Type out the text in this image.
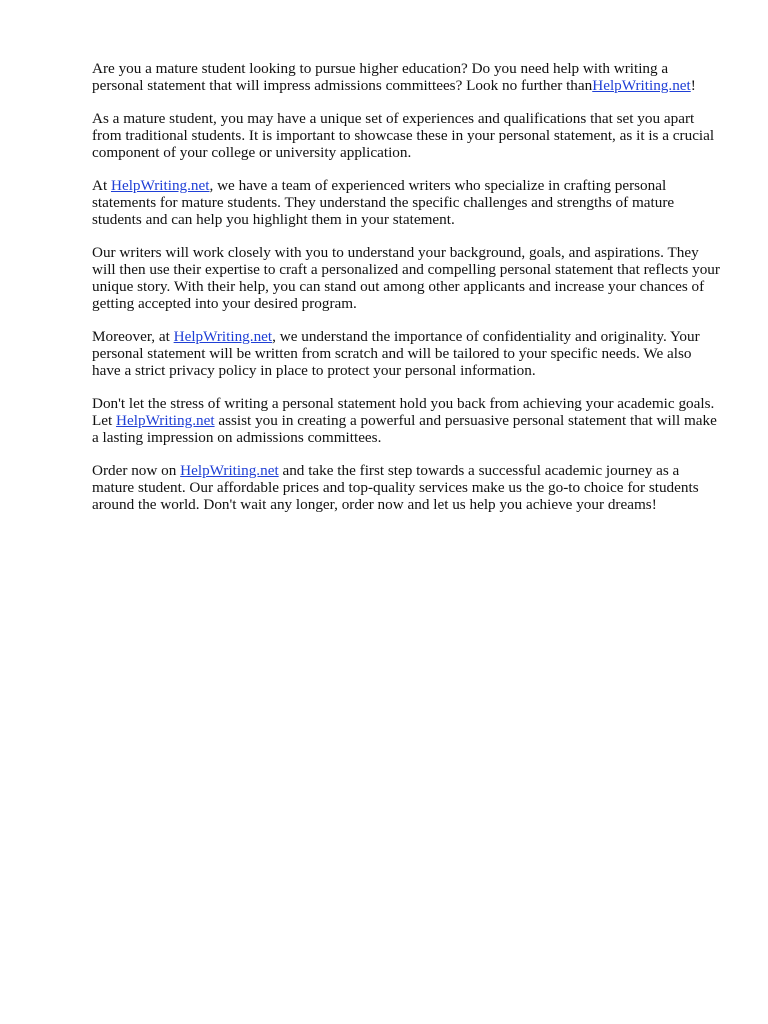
Are you a mature student looking to pursue higher education? Do you need help with writing a personal statement that will impress admissions committees? Look no further thanHelpWriting.net!

As a mature student, you may have a unique set of experiences and qualifications that set you apart from traditional students. It is important to showcase these in your personal statement, as it is a crucial component of your college or university application.

At HelpWriting.net, we have a team of experienced writers who specialize in crafting personal statements for mature students. They understand the specific challenges and strengths of mature students and can help you highlight them in your statement.

Our writers will work closely with you to understand your background, goals, and aspirations. They will then use their expertise to craft a personalized and compelling personal statement that reflects your unique story. With their help, you can stand out among other applicants and increase your chances of getting accepted into your desired program.

Moreover, at HelpWriting.net, we understand the importance of confidentiality and originality. Your personal statement will be written from scratch and will be tailored to your specific needs. We also have a strict privacy policy in place to protect your personal information.

Don't let the stress of writing a personal statement hold you back from achieving your academic goals. Let HelpWriting.net assist you in creating a powerful and persuasive personal statement that will make a lasting impression on admissions committees.

Order now on HelpWriting.net and take the first step towards a successful academic journey as a mature student. Our affordable prices and top-quality services make us the go-to choice for students around the world. Don't wait any longer, order now and let us help you achieve your dreams!
